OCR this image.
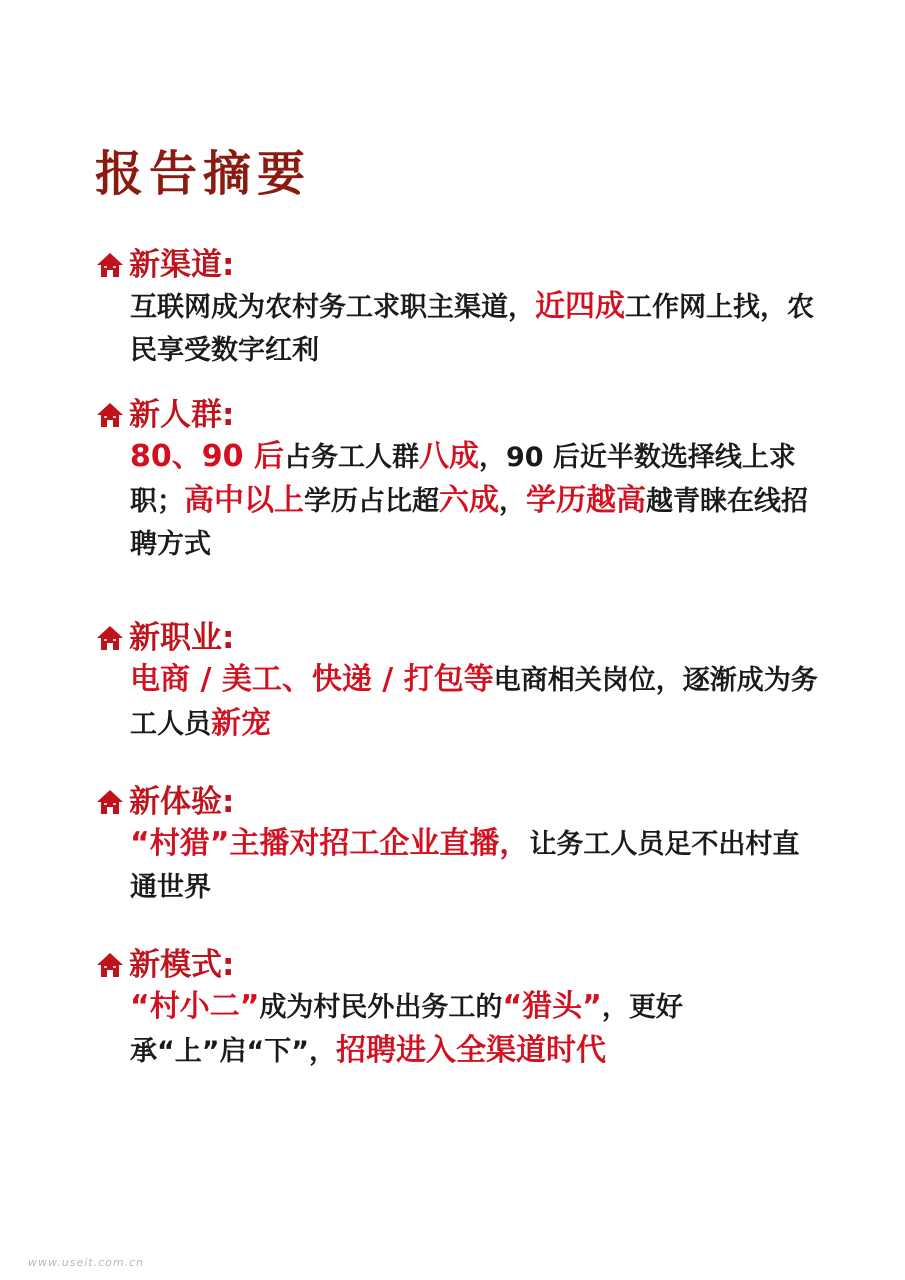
报告摘要
新渠道:
互联网成为农村务工求职主渠道，近四成工作网上找，农民享受数字红利
新人群:
80、90 后占务工人群八成，90 后近半数选择线上求职；高中以上学历占比超六成，学历越高越青睐在线招聘方式
新职业:
电商 / 美工、快递 / 打包等电商相关岗位，逐渐成为务工人员新宠
新体验:
“村猎”主播对招工企业直播，让务工人员足不出村直通世界
新模式:
“村小二”成为村民外出务工的“猎头”，更好承“上”启“下”，招聘进入全渠道时代
www.useit.com.cn
